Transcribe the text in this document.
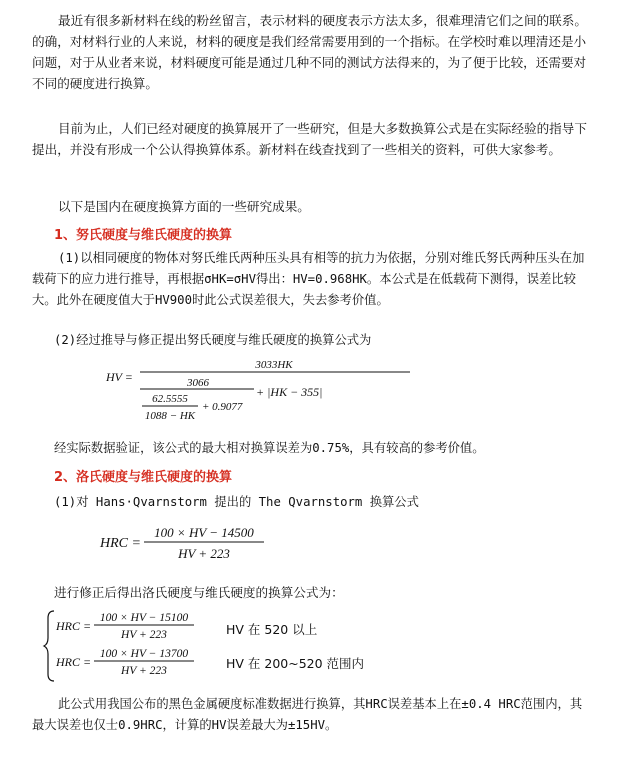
最近有很多新材料在线的粉丝留言，表示材料的硬度表示方法太多，很难理清它们之间的联系。的确，对材料行业的人来说，材料的硬度是我们经常需要用到的一个指标。在学校时难以理清还是小问题，对于从业者来说，材料硬度可能是通过几种不同的测试方法得来的，为了便于比较，还需要对不同的硬度进行换算。

目前为止，人们已经对硬度的换算展开了一些研究，但是大多数换算公式是在实际经验的指导下提出，并没有形成一个公认得换算体系。新材料在线查找到了一些相关的资料，可供大家参考。

以下是国内在硬度换算方面的一些研究成果。

1、努氏硬度与维氏硬度的换算

(1)以相同硬度的物体对努氏维氏两种压头具有相等的抗力为依据，分别对维氏努氏两种压头在加载荷下的应力进行推导，再根据σHK=σHV得出：HV=0.968HK。本公式是在低载荷下测得，误差比较大。此外在硬度值大于HV900时此公式误差很大，失去参考价值。

(2)经过推导与修正提出努氏硬度与维氏硬度的换算公式为

HV =
3033HK
3066
62.5555
1088 − HK
+ 0.9077
+ |HK − 355|

经实际数据验证，该公式的最大相对换算误差为0.75%，具有较高的参考价值。

2、洛氏硬度与维氏硬度的换算

(1)对 Hans·Qvarnstorm 提出的 The Qvarnstorm 换算公式

HRC =
100 × HV − 14500
HV + 223

进行修正后得出洛氏硬度与维氏硬度的换算公式为：

HRC =
100 × HV − 15100
HV + 223
HRC =
100 × HV − 13700
HV + 223
HV 在 520 以上
HV 在 200~520 范围内

此公式用我国公布的黑色金属硬度标准数据进行换算，其HRC误差基本上在±0.4 HRC范围内，其最大误差也仅士0.9HRC，计算的HV误差最大为±15HV。
